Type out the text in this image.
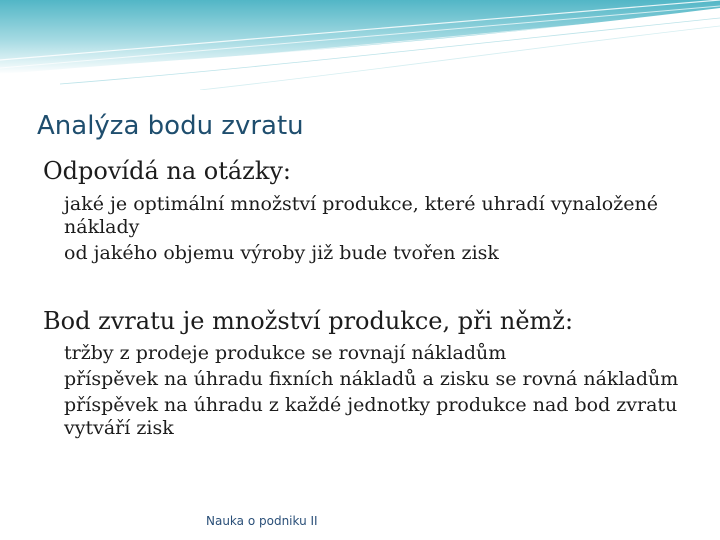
Analýza bodu zvratu
Odpovídá na otázky:
jaké je optimální množství produkce, které uhradí vynaložené náklady
od jakého objemu výroby již bude tvořen zisk
Bod zvratu je množství produkce, při němž:
tržby z prodeje produkce se rovnají nákladům
příspěvek na úhradu fixních nákladů a zisku se rovná nákladům
příspěvek na úhradu z každé jednotky produkce nad bod zvratu vytváří zisk

Nauka o podniku II
